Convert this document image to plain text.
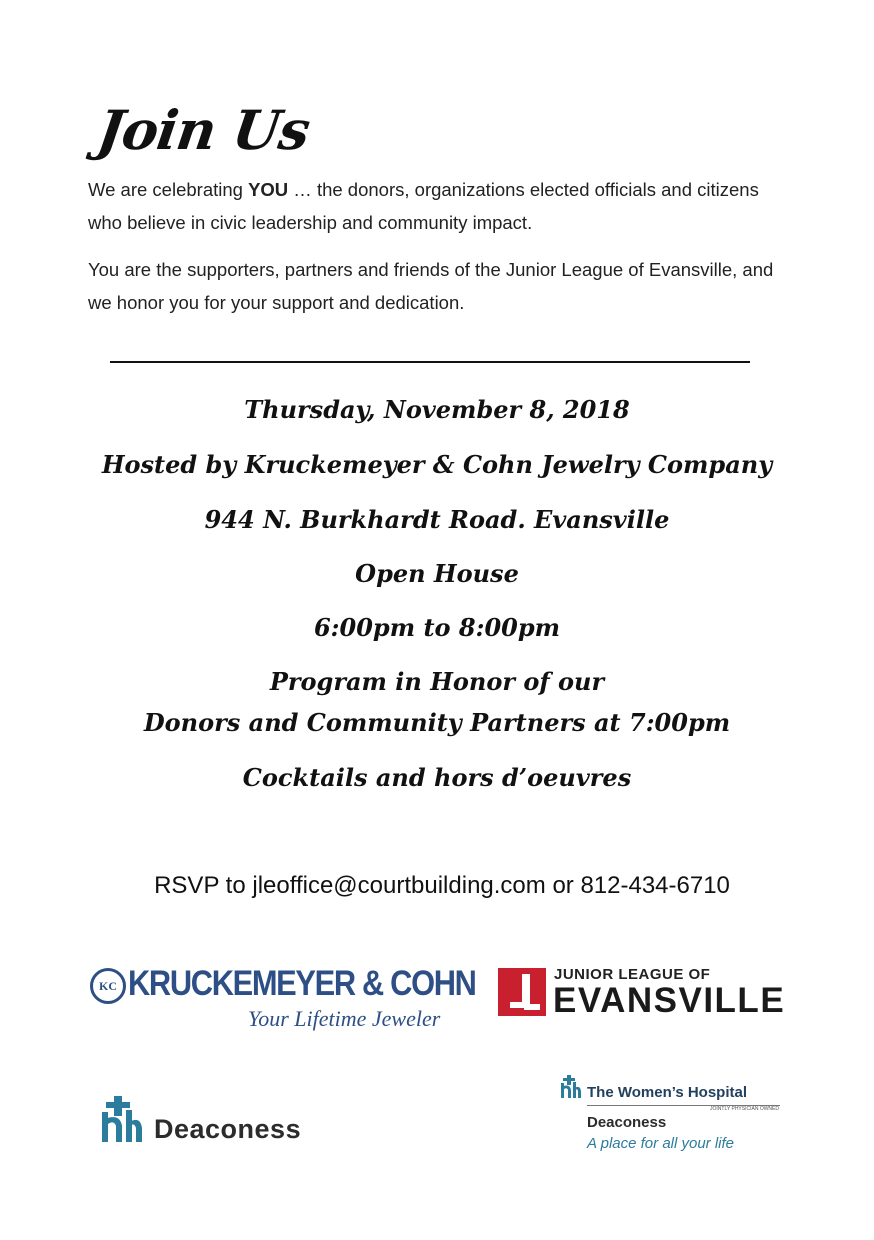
Join Us
We are celebrating YOU … the donors, organizations elected officials and citizens who believe in civic leadership and community impact.
You are the supporters, partners and friends of the Junior League of Evansville, and we honor you for your support and dedication.
Thursday, November 8, 2018
Hosted by Kruckemeyer & Cohn Jewelry Company
944 N. Burkhardt Road. Evansville
Open House
6:00pm to 8:00pm
Program in Honor of our
Donors and Community Partners at 7:00pm
Cocktails and hors d’oeuvres
RSVP to jleoffice@courtbuilding.com or 812-434-6710
KC KRUCKEMEYER & COHN
Your Lifetime Jeweler
JUNIOR LEAGUE OF
EVANSVILLE
Deaconess
The Women’s Hospital
JOINTLY PHYSICIAN OWNED
Deaconess
A place for all your life
